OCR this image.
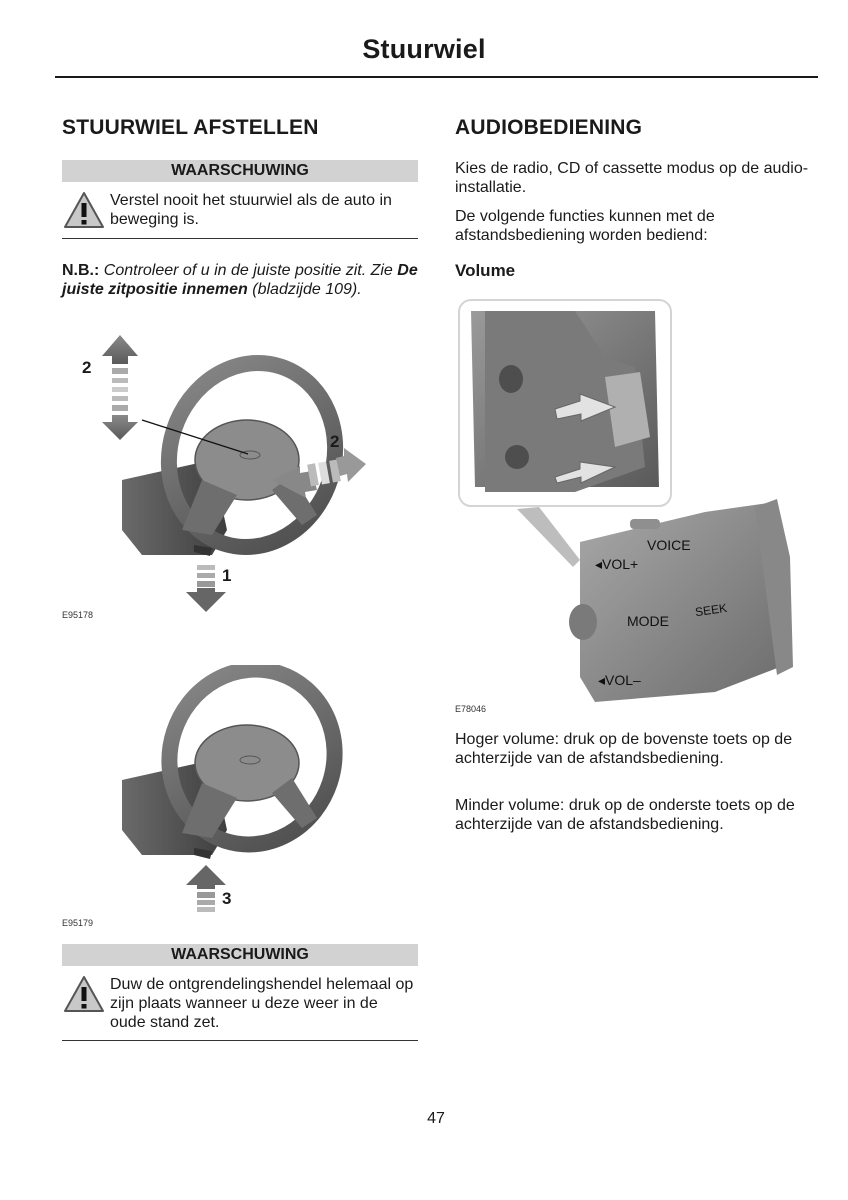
Stuurwiel
STUURWIEL AFSTELLEN
WAARSCHUWING
Verstel nooit het stuurwiel als de auto in beweging is.
N.B.: Controleer of u in de juiste positie zit. Zie De juiste zitpositie innemen (bladzijde 109).
2
2
1
E95178
3
E95179
WAARSCHUWING
Duw de ontgrendelingshendel helemaal op zijn plaats wanneer u deze weer in de oude stand zet.
AUDIOBEDIENING
Kies de radio, CD of cassette modus op de audio-installatie.
De volgende functies kunnen met de afstandsbediening worden bediend:
Volume
VOICE
◂VOL+
MODE
SEEK
◂VOL–
E78046
Hoger volume: druk op de bovenste toets op de achterzijde van de afstandsbediening.
Minder volume: druk op de onderste toets op de achterzijde van de afstandsbediening.
47
